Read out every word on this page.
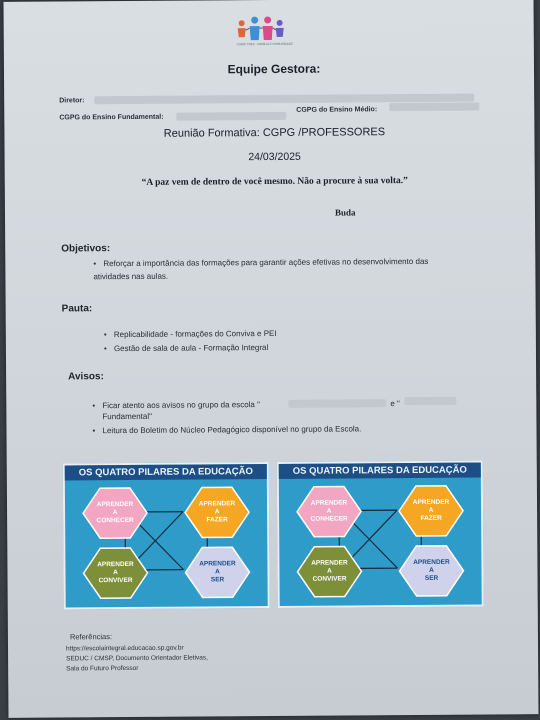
CURIE TRES · FAMÍLIA E COMUNIDADE
Equipe Gestora:
Diretor:
CGPG do Ensino Fundamental:
CGPG do Ensino Médio:
Reunião Formativa: CGPG /PROFESSORES
24/03/2025
“A paz vem de dentro de você mesmo. Não a procure à sua volta.”
Buda
Objetivos:
• Reforçar a importância das formações para garantir ações efetivas no desenvolvimento das
atividades nas aulas.
Pauta:
• Replicabilidade - formações do Conviva e PEI
• Gestão de sala de aula - Formação Integral
Avisos:
• Ficar atento aos avisos no grupo da escola "	e "
Fundamental"
• Leitura do Boletim do Núcleo Pedagógico disponível no grupo da Escola.
OS QUATRO PILARES DA EDUCAÇÃO
APRENDER
A
CONHECER
APRENDER
A
FAZER
APRENDER
A
CONVIVER
APRENDER
A
SER
OS QUATRO PILARES DA EDUCAÇÃO
APRENDER
A
CONHECER
APRENDER
A
FAZER
APRENDER
A
CONVIVER
APRENDER
A
SER
Referências:
https://escolaintegral.educacao.sp.gov.br
SEDUC / CMSP, Documento Orientador Eletivas,
Sala do Futuro Professor
